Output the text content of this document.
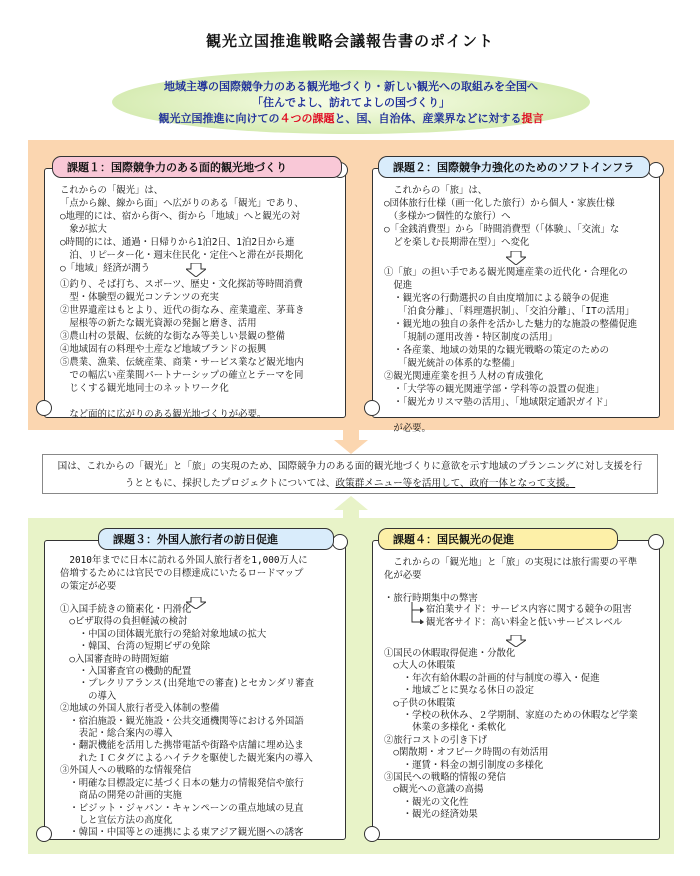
観光立国推進戦略会議報告書のポイント
地域主導の国際競争力のある観光地づくり・新しい観光への取組みを全国へ
「住んでよし、訪れてよしの国づくり」
観光立国推進に向けての４つの課題と、国、自治体、産業界などに対する提言
課題１：国際競争力のある面的観光地づくり
これからの「観光」は、
「点から線、線から面」へ広がりのある「観光」であり、
○地理的には、宿から街へ、街から「地域」へと観光の対
　象が拡大
○時間的には、通過・日帰りから1泊2日、1泊2日から連
　泊、リピーター化・週末住民化・定住へと滞在が長期化
○「地域」経済が潤う
①釣り、そば打ち、スポーツ、歴史・文化探訪等時間消費
　型・体験型の観光コンテンツの充実
②世界遺産はもとより、近代の街なみ、産業遺産、茅葺き
　屋根等の新たな観光資源の発掘と磨き、活用
③農山村の景観、伝統的な街なみ等美しい景観の整備
④地域固有の料理や土産など地域ブランドの振興
⑤農業、漁業、伝統産業、商業・サービス業など観光地内
　での幅広い産業間パートナーシップの確立とテーマを同
　じくする観光地同士のネットワーク化

　など面的に広がりのある観光地づくりが必要。
課題２：国際競争力強化のためのソフトインフラ
　これからの「旅」は、
○団体旅行仕様（画一化した旅行）から個人・家族仕様
　（多様かつ個性的な旅行）へ
○「金銭消費型」から「時間消費型（「体験」、「交流」な
　どを楽しむ長期滞在型）」へ変化
①「旅」の担い手である観光関連産業の近代化・合理化の
　促進
　・観光客の行動選択の自由度増加による競争の促進
　　「泊食分離」、「料理選択制」、「交泊分離」、「ITの活用」
　・観光地の独自の条件を活かした魅力的な施設の整備促進
　　「規制の運用改善・特区制度の活用」
　・各産業、地域の効果的な観光戦略の策定のための
　　「観光統計の体系的な整備」
②観光関連産業を担う人材の育成強化
　・「大学等の観光関連学部・学科等の設置の促進」
　・「観光カリスマ塾の活用」、「地域限定通訳ガイド」

　が必要。
国は、これからの「観光」と「旅」の実現のため、国際競争力のある面的観光地づくりに意欲を示す地域のプランニングに対し支援を行
うとともに、採択したプロジェクトについては、政策群メニュー等を活用して、政府一体となって支援。
課題３：外国人旅行者の訪日促進
　2010年までに日本に訪れる外国人旅行者を1,000万人に
倍増するためには官民での目標達成にいたるロードマップ
の策定が必要
①入国手続きの簡素化・円滑化
　○ビザ取得の負担軽減の検討
　　・中国の団体観光旅行の発給対象地域の拡大
　　・韓国、台湾の短期ビザの免除
　○入国審査時の時間短縮
　　・入国審査官の機動的配置
　　・プレクリアランス(出発地での審査)とセカンダリ審査
　　　の導入
②地域の外国人旅行者受入体制の整備
　・宿泊施設・観光施設・公共交通機関等における外国語
　　表記・総合案内の導入
　・翻訳機能を活用した携帯電話や街路や店舗に埋め込ま
　　れたＩＣタグによるハイテクを駆使した観光案内の導入
③外国人への戦略的な情報発信
　・明確な目標設定に基づく日本の魅力の情報発信や旅行
　　商品の開発の計画的実施
　・ビジット・ジャパン・キャンペーンの重点地域の見直
　　しと宣伝方法の高度化
　・韓国・中国等との連携による東アジア観光圏への誘客
課題４：国民観光の促進
　これからの「観光地」と「旅」の実現には旅行需要の平準
化が必要
・旅行時期集中の弊害
宿泊業サイド：サービス内容に関する競争の阻害
観光客サイド：高い料金と低いサービスレベル
①国民の休暇取得促進・分散化
　○大人の休暇策
　　・年次有給休暇の計画的付与制度の導入・促進
　　・地域ごとに異なる休日の設定
　○子供の休暇策
　　・学校の秋休み、２学期制、家庭のための休暇など学業
　　　休業の多様化・柔軟化
②旅行コストの引き下げ
　○閑散期・オフピーク時間の有効活用
　　・運賃・料金の割引制度の多様化
③国民への戦略的情報の発信
　○観光への意識の高揚
　　・観光の文化性
　　・観光の経済効果
